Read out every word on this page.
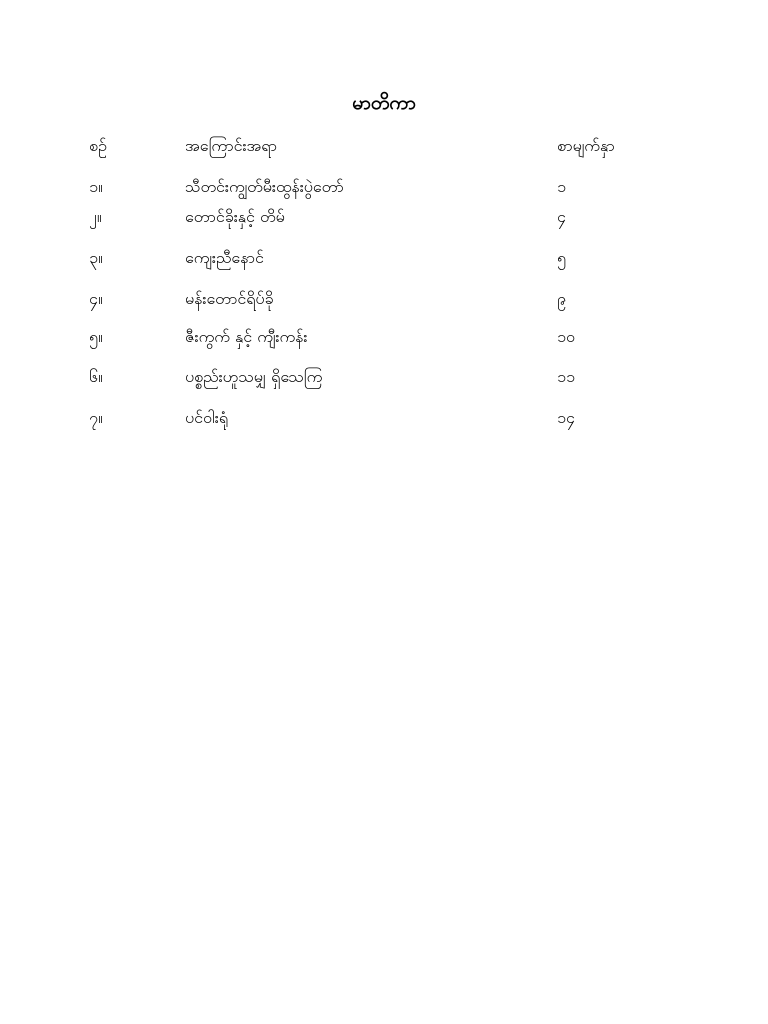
မာတိကာ
စဥ်	အကြောင်းအရာ	စာမျက်နှာ
၁။	သီတင်းကျွတ်မီးထွန်းပွဲတော်	၁
၂။	တောင်ခိုးနှင့် တိမ်	၄
၃။	ကျေးညီနောင်	၅
၄။	မန်းတောင်ရိပ်ခို	၉
၅။	ဇီးကွက် နှင့် ကျီးကန်း	၁၀
၆။	ပစ္စည်းဟူသမျှ ရှိသေကြ	၁၁
၇။	ပင်ဝါးရုံ	၁၄
